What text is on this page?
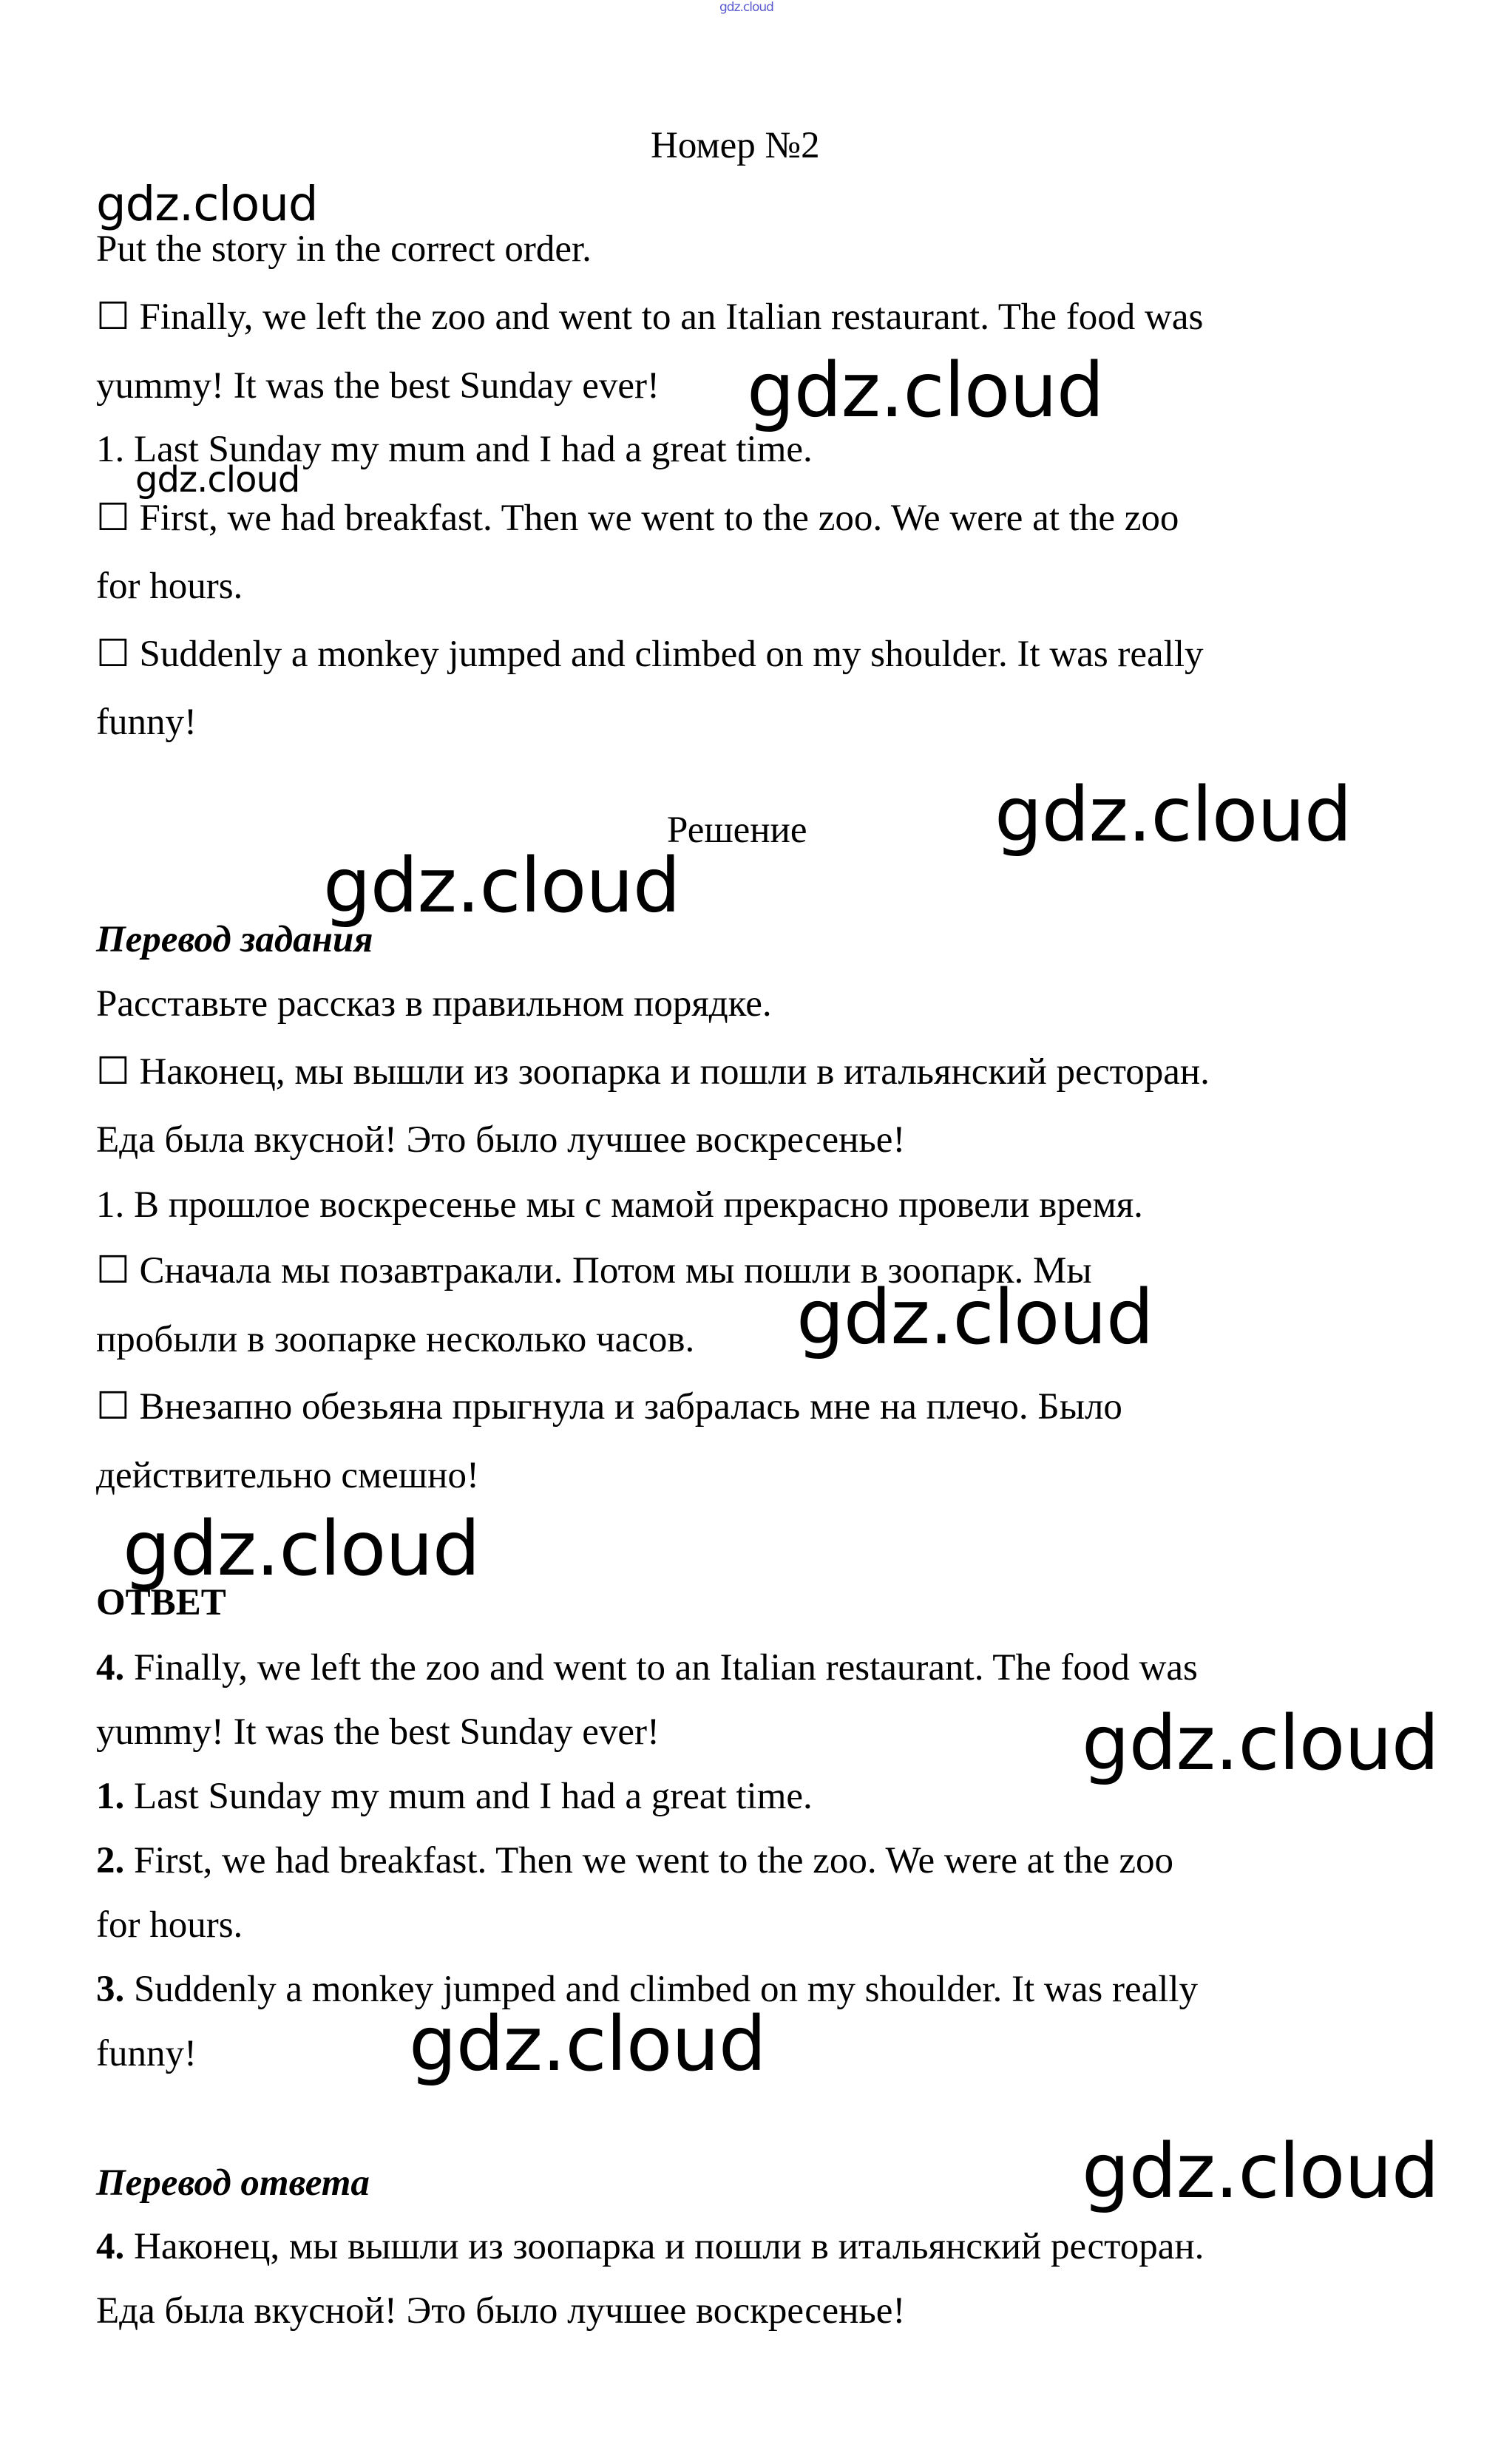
gdz.cloud
Номер №2
gdz.cloud
Put the story in the correct order.
☐ Finally, we left the zoo and went to an Italian restaurant. The food was
yummy! It was the best Sunday ever! gdz.cloud
1. Last Sunday my mum and I had a great time.
gdz.cloud
☐ First, we had breakfast. Then we went to the zoo. We were at the zoo
for hours.
☐ Suddenly a monkey jumped and climbed on my shoulder. It was really
funny!
Решение gdz.cloud
gdz.cloud
Перевод задания
Расставьте рассказ в правильном порядке.
☐ Наконец, мы вышли из зоопарка и пошли в итальянский ресторан.
Еда была вкусной! Это было лучшее воскресенье!
1. В прошлое воскресенье мы с мамой прекрасно провели время.
☐ Сначала мы позавтракали. Потом мы пошли в зоопарк. Мы
пробыли в зоопарке несколько часов. gdz.cloud
☐ Внезапно обезьяна прыгнула и забралась мне на плечо. Было
действительно смешно!
gdz.cloud
ОТВЕТ
4. Finally, we left the zoo and went to an Italian restaurant. The food was
yummy! It was the best Sunday ever!	gdz.cloud
1. Last Sunday my mum and I had a great time.
2. First, we had breakfast. Then we went to the zoo. We were at the zoo
for hours.
3. Suddenly a monkey jumped and climbed on my shoulder. It was really
funny!	gdz.cloud
gdz.cloud
Перевод ответа
4. Наконец, мы вышли из зоопарка и пошли в итальянский ресторан.
Еда была вкусной! Это было лучшее воскресенье!
